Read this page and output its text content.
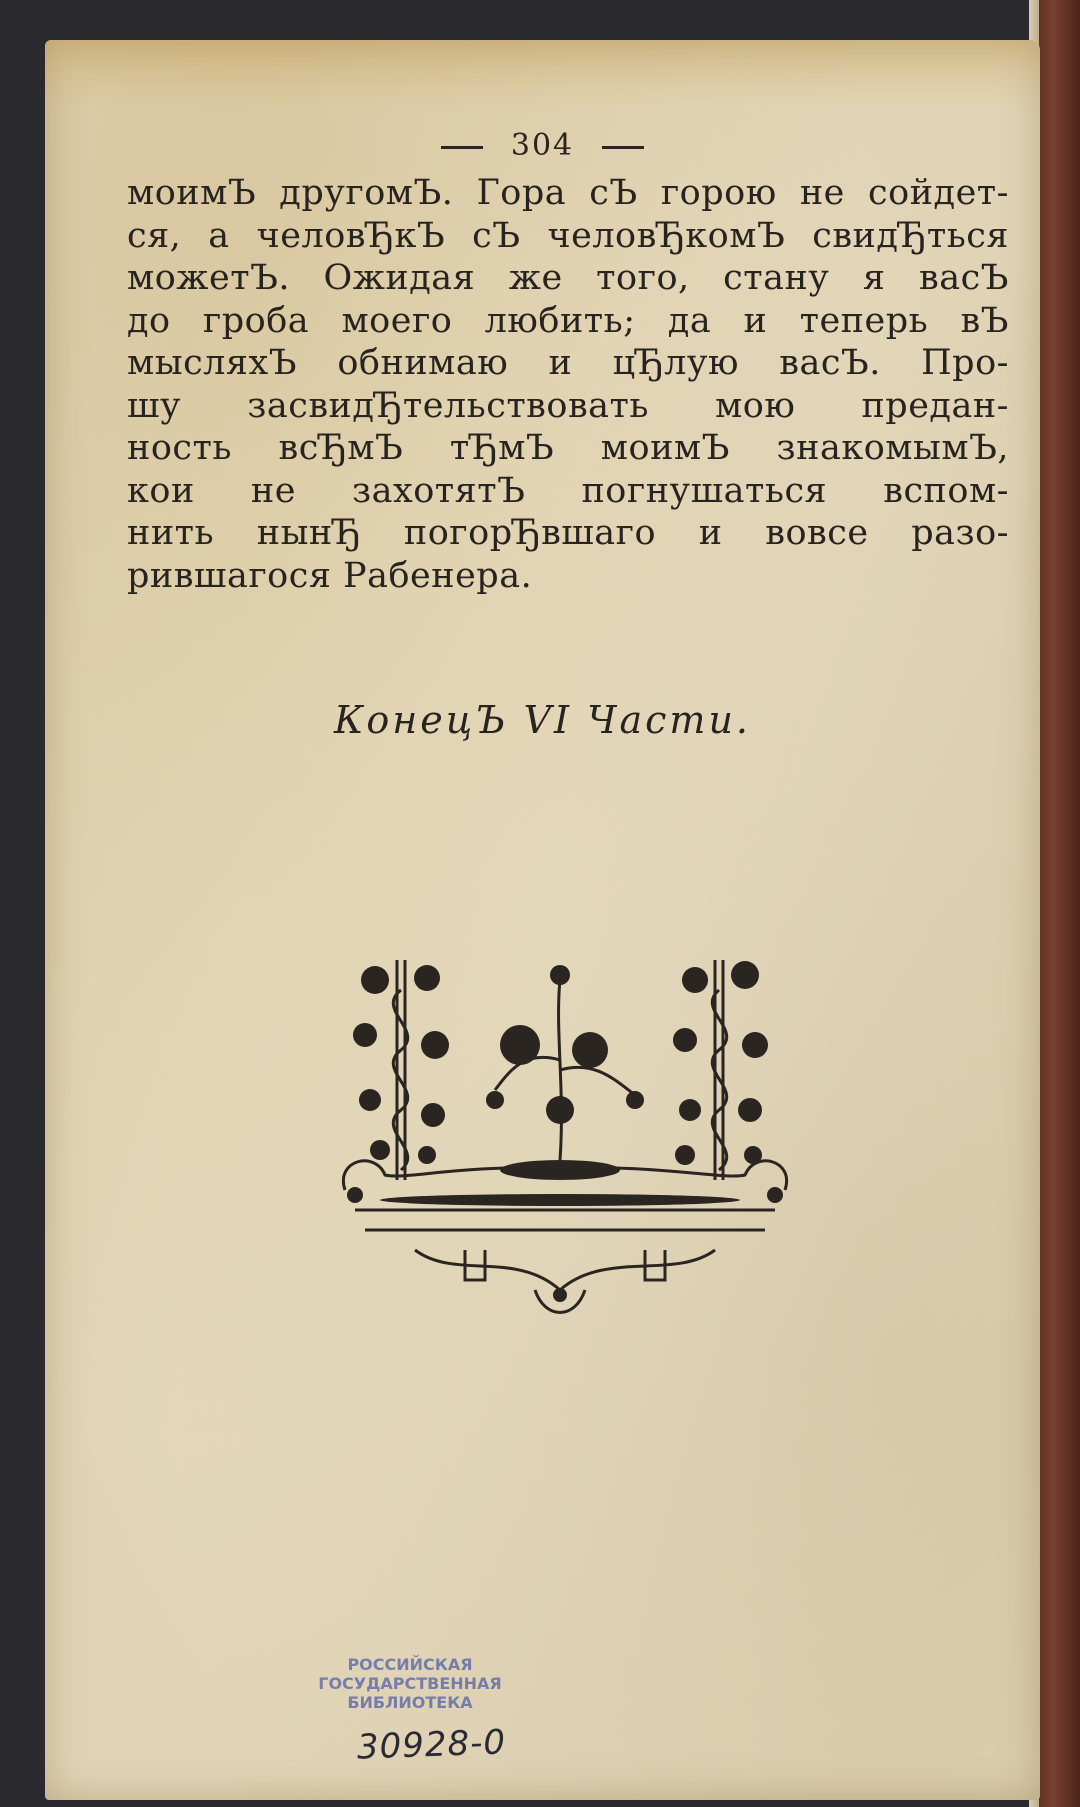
304
моимЪ другомЪ. Гора сЪ горою не сойдет-
ся, а человЂкЪ сЪ человЂкомЪ свидЂться
можетЪ. Ожидая же того, стану я васЪ
до гроба моего любить; да и теперь вЪ
мысляхЪ обнимаю и цЂлую васЪ. Про-
шу засвидЂтельствовать мою предан-
ность всЂмЪ тЂмЪ моимЪ знакомымЪ,
кои не захотятЪ погнушаться вспом-
нить нынЂ погорЂвшаго и вовсе разо-
рившагося Рабенера.
КонецЪ VI Части.
РОССИЙСКАЯ
ГОСУДАРСТВЕННАЯ
БИБЛИОТЕКА
30928-0
